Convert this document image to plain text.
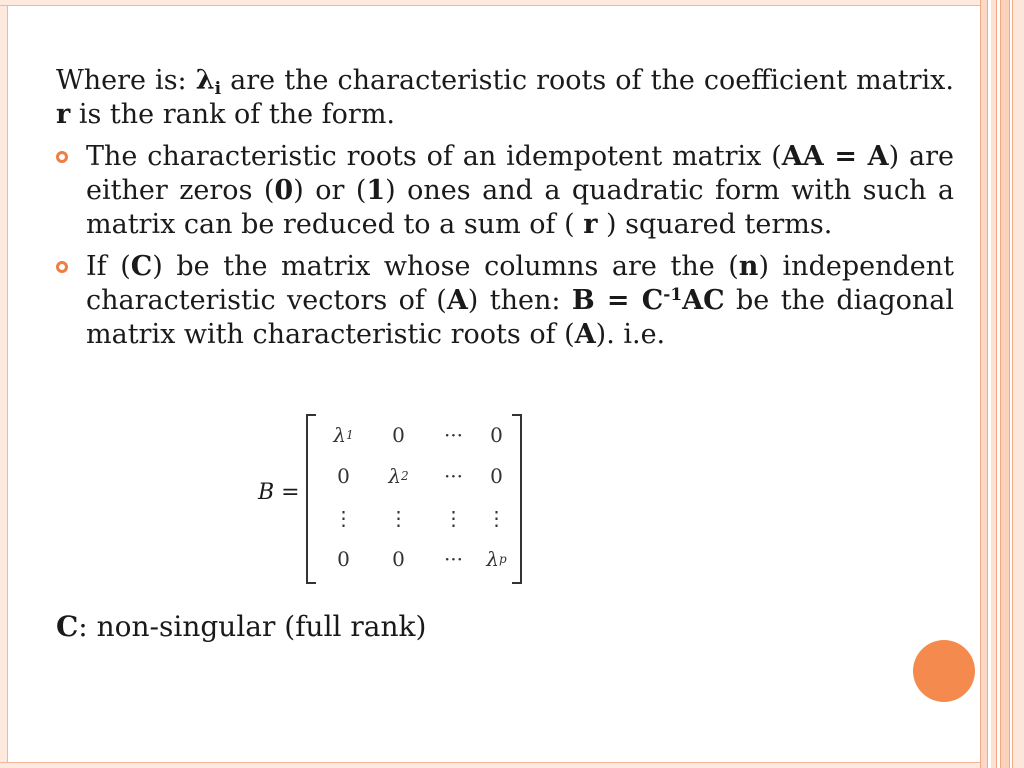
Where is: $\lambda_i$ are the characteristic roots of the coefficient matrix. r is the rank of the form.
The characteristic roots of an idempotent matrix (AA = A) are either zeros (0) or (1) ones and a quadratic form with such a matrix can be reduced to a sum of ( r ) squared terms.
If (C) be the matrix whose columns are the (n) independent characteristic vectors of (A) then: $B = C^{-1}AC$ be the diagonal matrix with characteristic roots of (A). i.e.
B =
λ 1 0 ··· 0
0 λ 2 ··· 0
⋮ ⋮ ⋮ ⋮
0 0 ··· λ p
C: non-singular (full rank)
